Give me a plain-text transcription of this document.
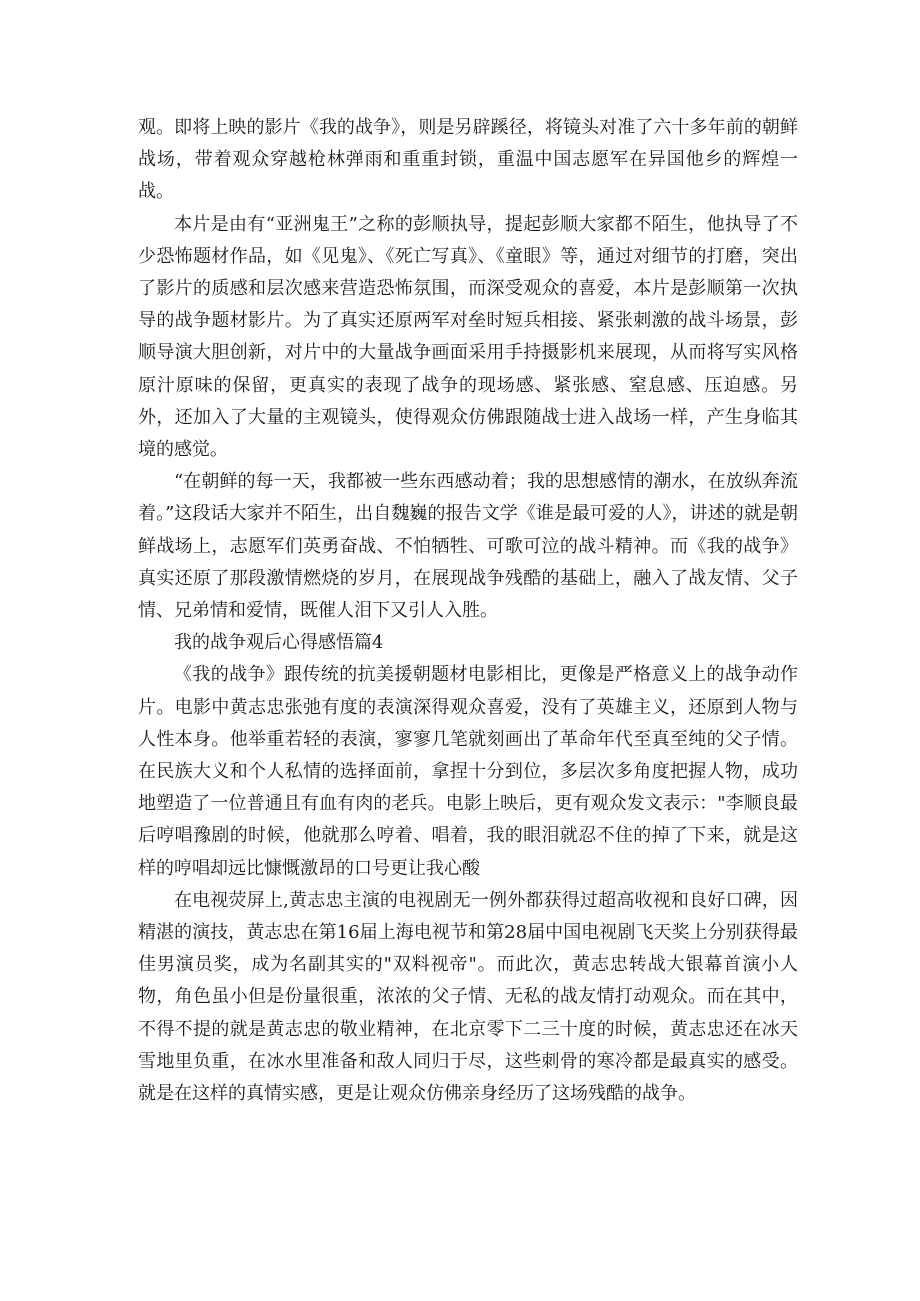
观。即将上映的影片《我的战争》，则是另辟蹊径，将镜头对准了六十多年前的朝鲜战场，带着观众穿越枪林弹雨和重重封锁，重温中国志愿军在异国他乡的辉煌一战。

本片是由有“亚洲鬼王”之称的彭顺执导，提起彭顺大家都不陌生，他执导了不少恐怖题材作品，如《见鬼》、《死亡写真》、《童眼》等，通过对细节的打磨，突出了影片的质感和层次感来营造恐怖氛围，而深受观众的喜爱，本片是彭顺第一次执导的战争题材影片。为了真实还原两军对垒时短兵相接、紧张刺激的战斗场景，彭顺导演大胆创新，对片中的大量战争画面采用手持摄影机来展现，从而将写实风格原汁原味的保留，更真实的表现了战争的现场感、紧张感、窒息感、压迫感。另外，还加入了大量的主观镜头，使得观众仿佛跟随战士进入战场一样，产生身临其境的感觉。

“在朝鲜的每一天，我都被一些东西感动着；我的思想感情的潮水，在放纵奔流着。”这段话大家并不陌生，出自魏巍的报告文学《谁是最可爱的人》，讲述的就是朝鲜战场上，志愿军们英勇奋战、不怕牺牲、可歌可泣的战斗精神。而《我的战争》真实还原了那段激情燃烧的岁月，在展现战争残酷的基础上，融入了战友情、父子情、兄弟情和爱情，既催人泪下又引人入胜。

我的战争观后心得感悟篇4

《我的战争》跟传统的抗美援朝题材电影相比，更像是严格意义上的战争动作片。电影中黄志忠张弛有度的表演深得观众喜爱，没有了英雄主义，还原到人物与人性本身。他举重若轻的表演，寥寥几笔就刻画出了革命年代至真至纯的父子情。在民族大义和个人私情的选择面前，拿捏十分到位，多层次多角度把握人物，成功地塑造了一位普通且有血有肉的老兵。电影上映后，更有观众发文表示："李顺良最后哼唱豫剧的时候，他就那么哼着、唱着，我的眼泪就忍不住的掉了下来，就是这样的哼唱却远比慷慨激昂的口号更让我心酸

在电视荧屏上,黄志忠主演的电视剧无一例外都获得过超高收视和良好口碑，因精湛的演技，黄志忠在第16届上海电视节和第28届中国电视剧飞天奖上分别获得最佳男演员奖，成为名副其实的"双料视帝"。而此次，黄志忠转战大银幕首演小人物，角色虽小但是份量很重，浓浓的父子情、无私的战友情打动观众。而在其中，不得不提的就是黄志忠的敬业精神，在北京零下二三十度的时候，黄志忠还在冰天雪地里负重，在冰水里准备和敌人同归于尽，这些刺骨的寒冷都是最真实的感受。就是在这样的真情实感，更是让观众仿佛亲身经历了这场残酷的战争。
